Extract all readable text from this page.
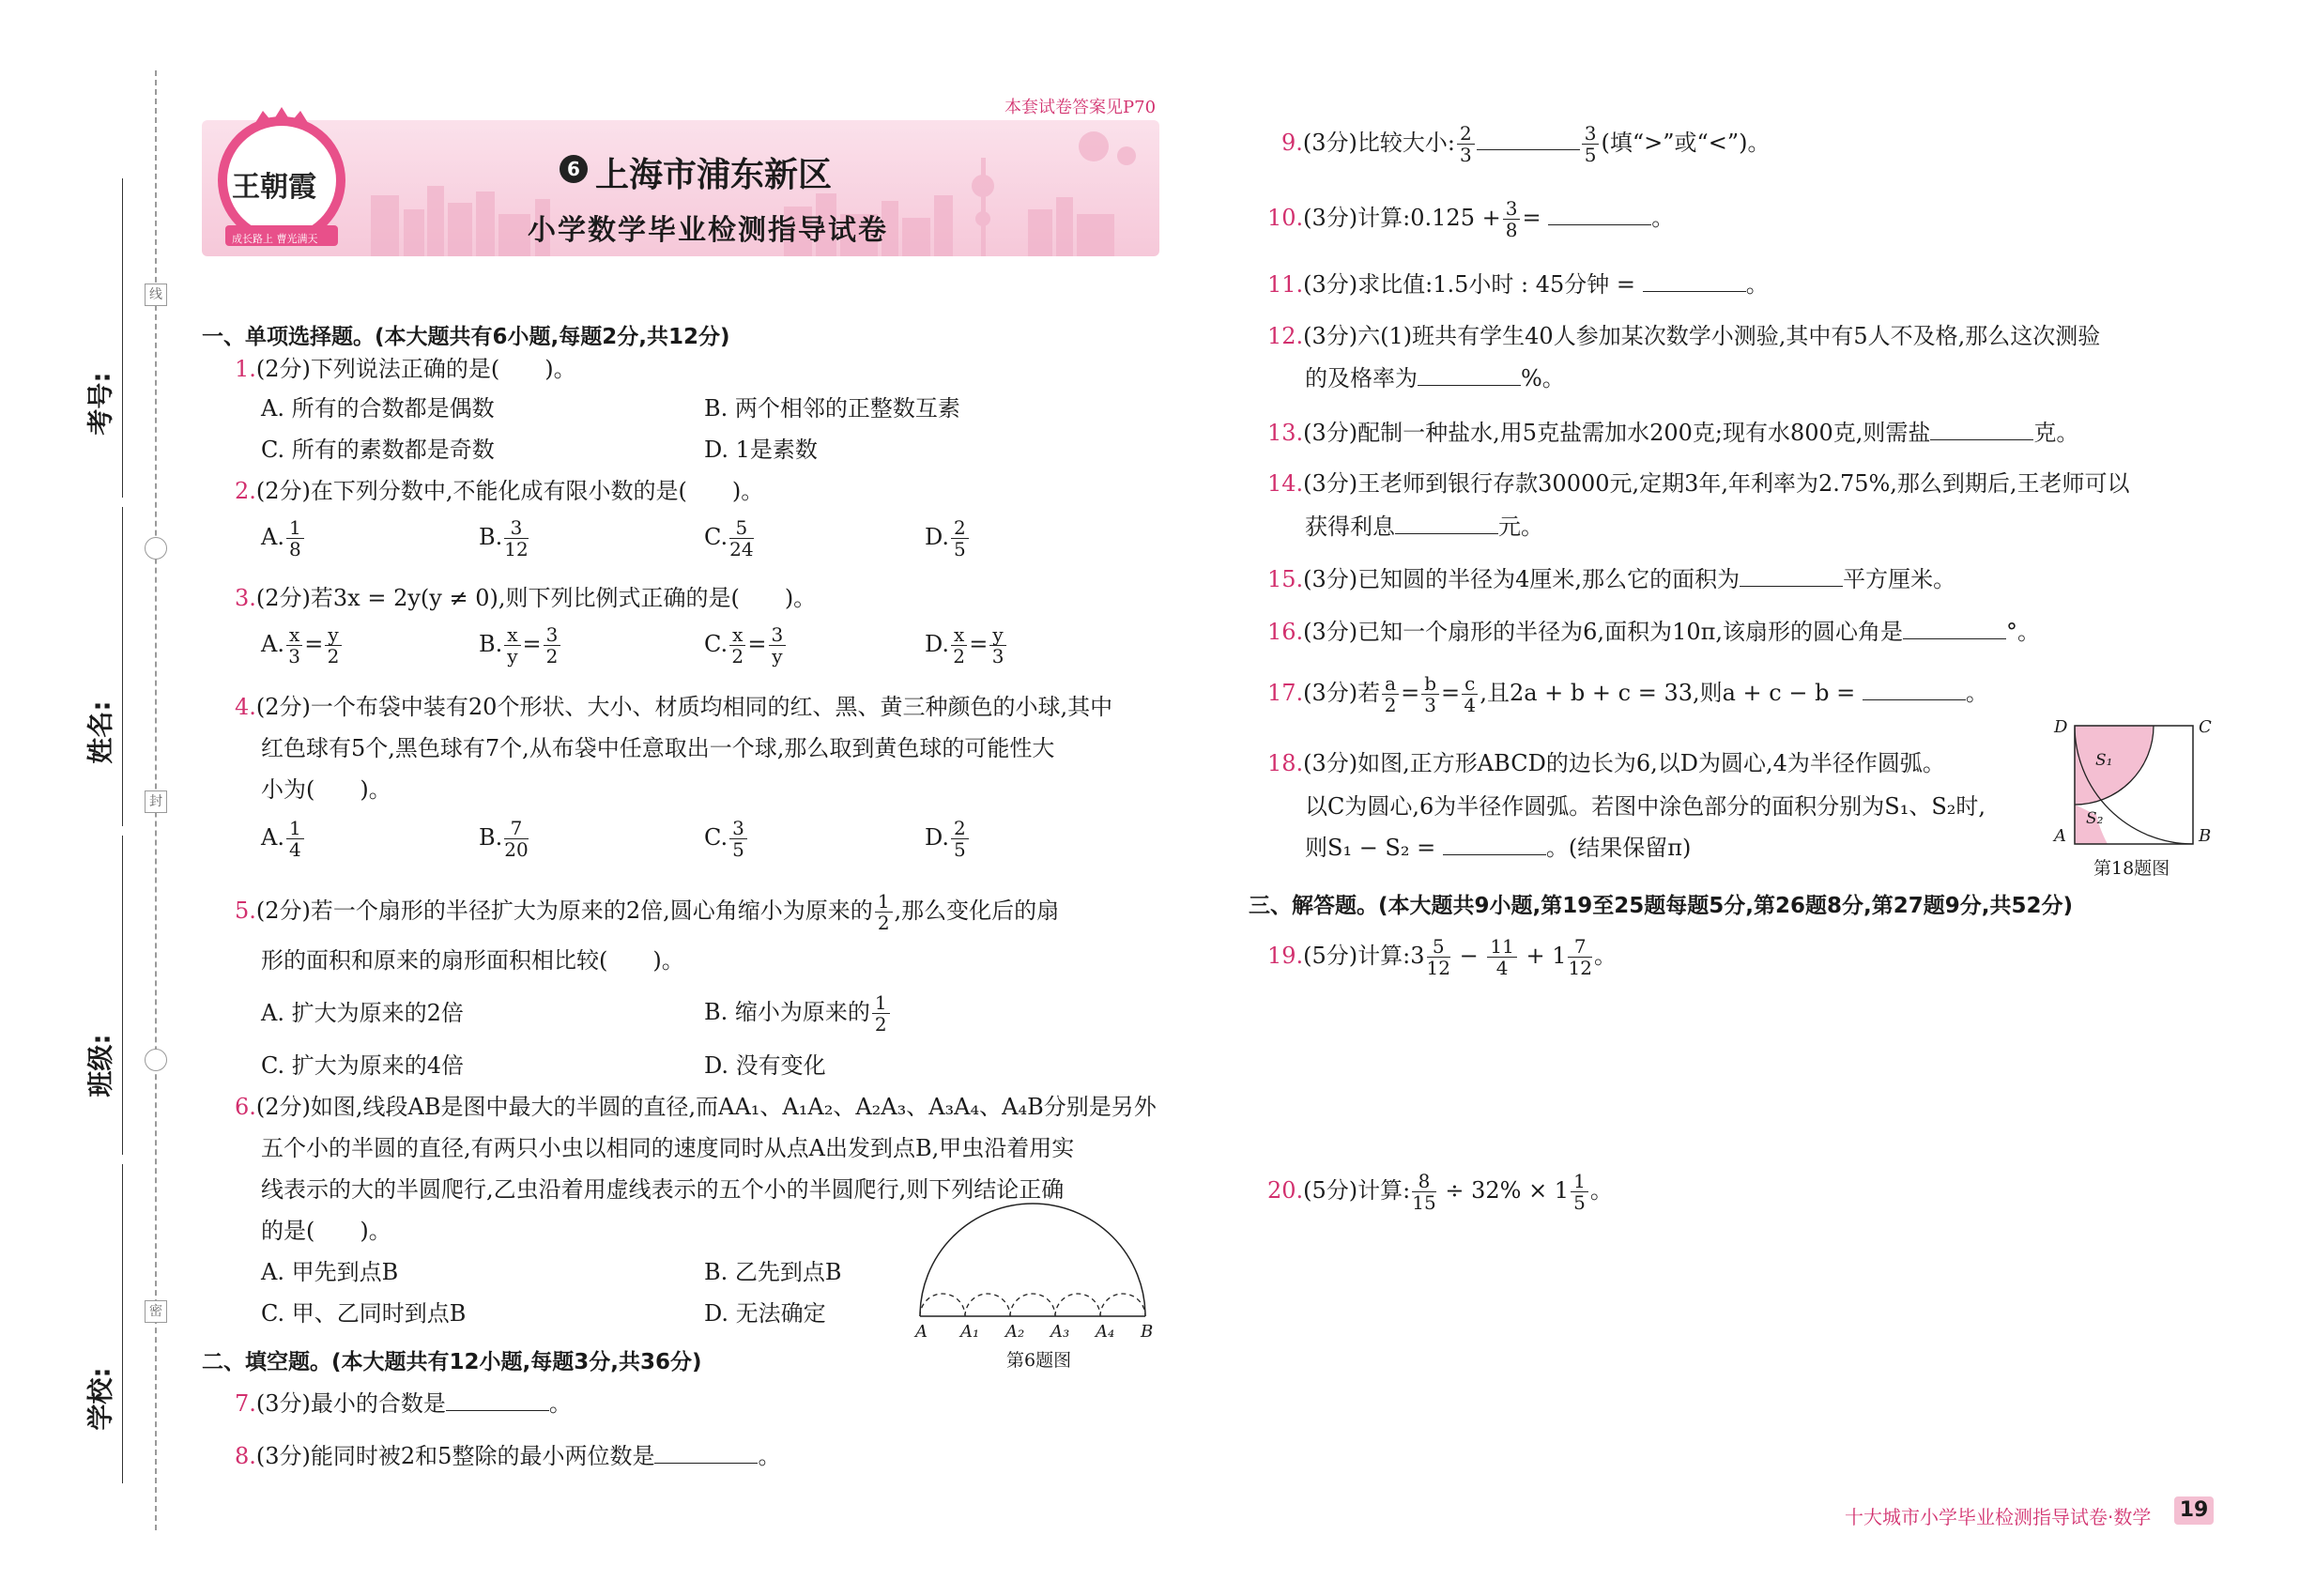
考号:
姓名:
班级:
学校:
线
封
密
本套试卷答案见P70
王朝霞
成长路上 曹光满天
6 上海市浦东新区
小学数学毕业检测指导试卷
一、单项选择题。(本大题共有6小题,每题2分,共12分)
1.(2分)下列说法正确的是(　　)。
A. 所有的合数都是偶数	B. 两个相邻的正整数互素
C. 所有的素数都是奇数	D. 1是素数
2.(2分)在下列分数中,不能化成有限小数的是(　　)。
A. $\frac{1}{8}$	B. $\frac{3}{12}$	C. $\frac{5}{24}$	D. $\frac{2}{5}$
3.(2分)若3x = 2y(y ≠ 0),则下列比例式正确的是(　　)。
A. $\frac{x}{3} = \frac{y}{2}$	B. $\frac{x}{y} = \frac{3}{2}$	C. $\frac{x}{2} = \frac{3}{y}$	D. $\frac{x}{2} = \frac{y}{3}$
4.(2分)一个布袋中装有20个形状、大小、材质均相同的红、黑、黄三种颜色的小球,其中
红色球有5个,黑色球有7个,从布袋中任意取出一个球,那么取到黄色球的可能性大
小为(　　)。
A. $\frac{1}{4}$	B. $\frac{7}{20}$	C. $\frac{3}{5}$	D. $\frac{2}{5}$
5.(2分)若一个扇形的半径扩大为原来的2倍,圆心角缩小为原来的 $\frac{1}{2}$ ,那么变化后的扇
形的面积和原来的扇形面积相比较(　　)。
A. 扩大为原来的2倍	B. 缩小为原来的 $\frac{1}{2}$
C. 扩大为原来的4倍	D. 没有变化
6.(2分)如图,线段AB是图中最大的半圆的直径,而AA₁、A₁A₂、A₂A₃、A₃A₄、A₄B分别是另外
五个小的半圆的直径,有两只小虫以相同的速度同时从点A出发到点B,甲虫沿着用实
线表示的大的半圆爬行,乙虫沿着用虚线表示的五个小的半圆爬行,则下列结论正确
的是(　　)。
A. 甲先到点B	B. 乙先到点B
C. 甲、乙同时到点B	D. 无法确定
A A₁ A₂ A₃ A₄ B
第6题图
二、填空题。(本大题共有12小题,每题3分,共36分)
7.(3分)最小的合数是	。
8.(3分)能同时被2和5整除的最小两位数是	。
9.(3分)比较大小: $\frac{2}{3}$	$\frac{3}{5}$ (填“>”或“<”)。
10.(3分)计算:0.125 + $\frac{3}{8}$ =	。
11.(3分)求比值:1.5小时 : 45分钟 =	。
12.(3分)六(1)班共有学生40人参加某次数学小测验,其中有5人不及格,那么这次测验
的及格率为	%。
13.(3分)配制一种盐水,用5克盐需加水200克;现有水800克,则需盐	克。
14.(3分)王老师到银行存款30000元,定期3年,年利率为2.75%,那么到期后,王老师可以
获得利息	元。
15.(3分)已知圆的半径为4厘米,那么它的面积为	平方厘米。
16.(3分)已知一个扇形的半径为6,面积为10π,该扇形的圆心角是	°。
17.(3分)若 $\frac{a}{2} = \frac{b}{3} = \frac{c}{4}$ ,且2a + b + c = 33,则a + c − b =	。
18.(3分)如图,正方形ABCD的边长为6,以D为圆心,4为半径作圆弧。
以C为圆心,6为半径作圆弧。若图中涂色部分的面积分别为S₁、S₂时,
则S₁ − S₂ =	。(结果保留π)
D	C
A	B
S₁
S₂
第18题图
三、解答题。(本大题共9小题,第19至25题每题5分,第26题8分,第27题9分,共52分)
19.(5分)计算:3 $\frac{5}{12} - \frac{11}{4} + 1 \frac{7}{12}$ 。
20.(5分)计算: $\frac{8}{15} \div 32\% \times 1 \frac{1}{5}$ 。
十大城市小学毕业检测指导试卷·数学 19
